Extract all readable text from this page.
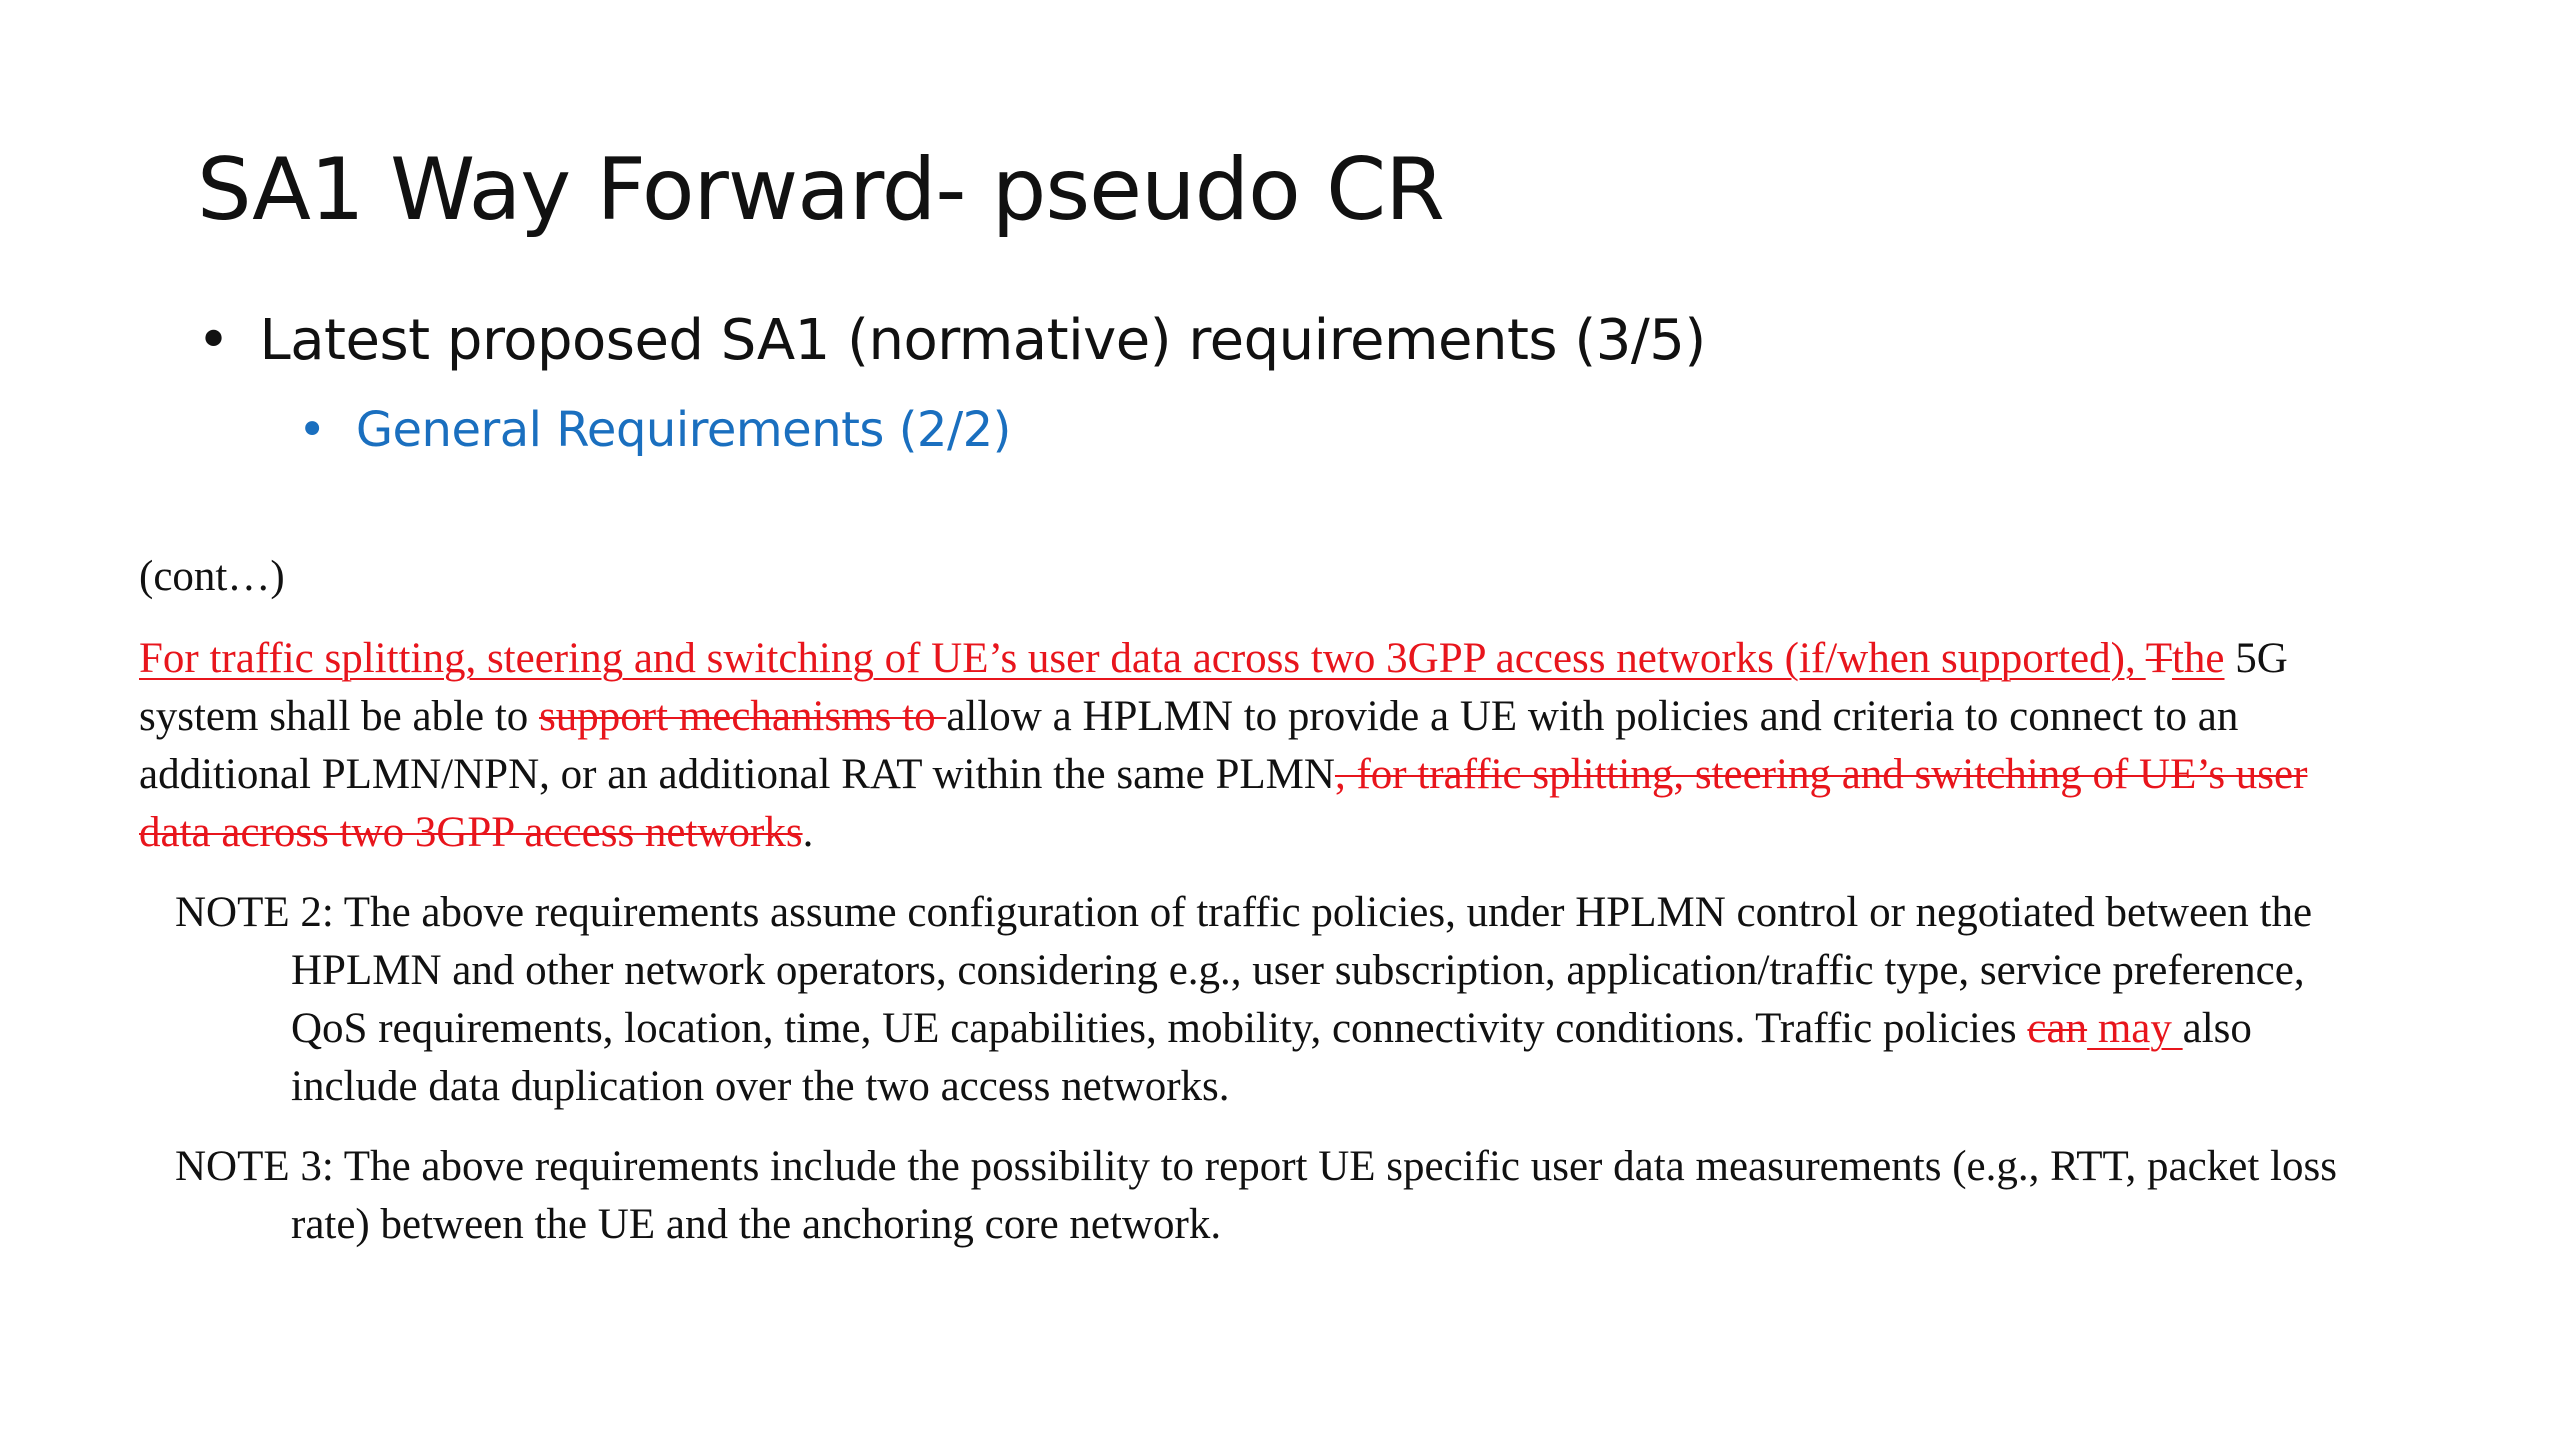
SA1 Way Forward- pseudo CR
• Latest proposed SA1 (normative) requirements (3/5)
• General Requirements (2/2)

(cont…)

For traffic splitting, steering and switching of UE’s user data across two 3GPP access networks (if/when supported), Tthe 5G system shall be able to support mechanisms to allow a HPLMN to provide a UE with policies and criteria to connect to an additional PLMN/NPN, or an additional RAT within the same PLMN, for traffic splitting, steering and switching of UE’s user data across two 3GPP access networks.

NOTE 2: The above requirements assume configuration of traffic policies, under HPLMN control or negotiated between the HPLMN and other network operators, considering e.g., user subscription, application/traffic type, service preference, QoS requirements, location, time, UE capabilities, mobility, connectivity conditions. Traffic policies can may also include data duplication over the two access networks.

NOTE 3: The above requirements include the possibility to report UE specific user data measurements (e.g., RTT, packet loss rate) between the UE and the anchoring core network.
